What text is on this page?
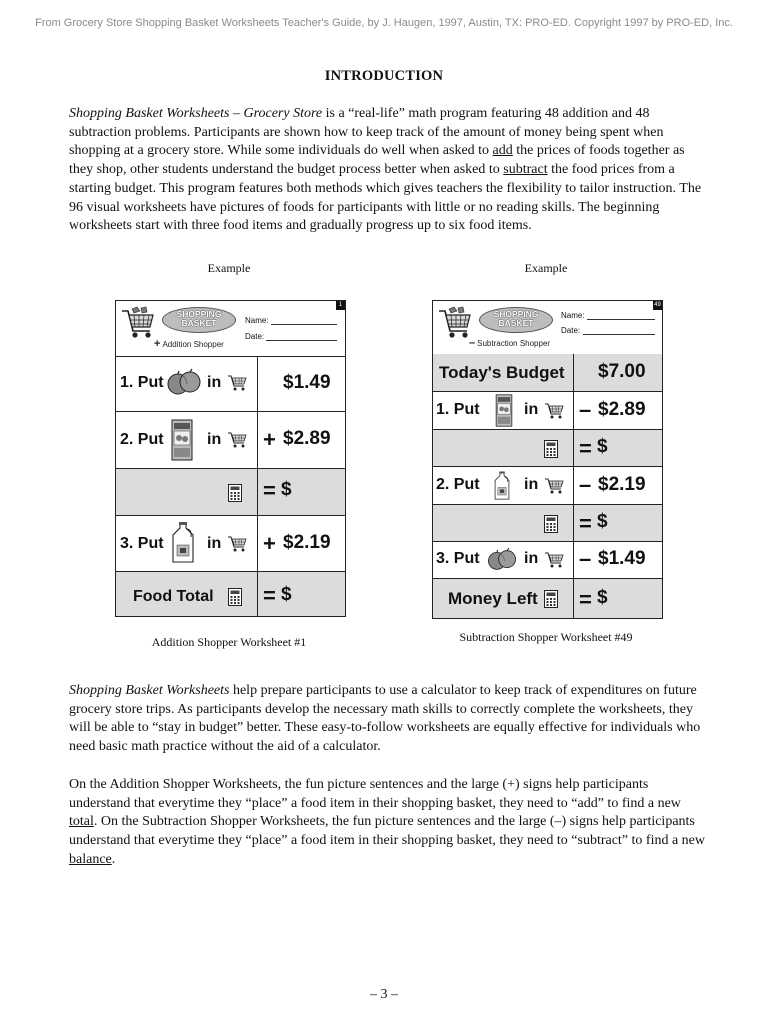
From Grocery Store Shopping Basket Worksheets Teacher's Guide, by J. Haugen, 1997, Austin, TX: PRO-ED. Copyright 1997 by PRO-ED, Inc.
INTRODUCTION
Shopping Basket Worksheets – Grocery Store is a “real-life” math program featuring 48 addition and 48 subtraction problems. Participants are shown how to keep track of the amount of money being spent when shopping at a grocery store. While some individuals do well when asked to add the prices of foods together as they shop, other students understand the budget process better when asked to subtract the food prices from a starting budget. This program features both methods which gives teachers the flexibility to tailor instruction. The 96 visual worksheets have pictures of foods for participants with little or no reading skills. The beginning worksheets start with three food items and gradually progress up to six food items.
Example	Example
1
SHOPPING
BASKET
+ Addition Shopper
Name:
Date:
1. Put	in	$1.49
2. Put	in + $2.89
= $
3. Put	in + $2.19
Food Total = $
Addition Shopper Worksheet #1
49
SHOPPING
BASKET
– Subtraction Shopper
Name:
Date:
Today's Budget $7.00
1. Put	in – $2.89
= $
2. Put	in – $2.19
= $
3. Put	in – $1.49
Money Left = $
Subtraction Shopper Worksheet #49
Shopping Basket Worksheets help prepare participants to use a calculator to keep track of expenditures on future grocery store trips. As participants develop the necessary math skills to correctly complete the worksheets, they will be able to “stay in budget” better. These easy-to-follow worksheets are equally effective for individuals who need basic math practice without the aid of a calculator.
On the Addition Shopper Worksheets, the fun picture sentences and the large (+) signs help participants understand that everytime they “place” a food item in their shopping basket, they need to “add” to find a new total. On the Subtraction Shopper Worksheets, the fun picture sentences and the large (–) signs help participants understand that everytime they “place” a food item in their shopping basket, they need to “subtract” to find a new balance.
– 3 –
